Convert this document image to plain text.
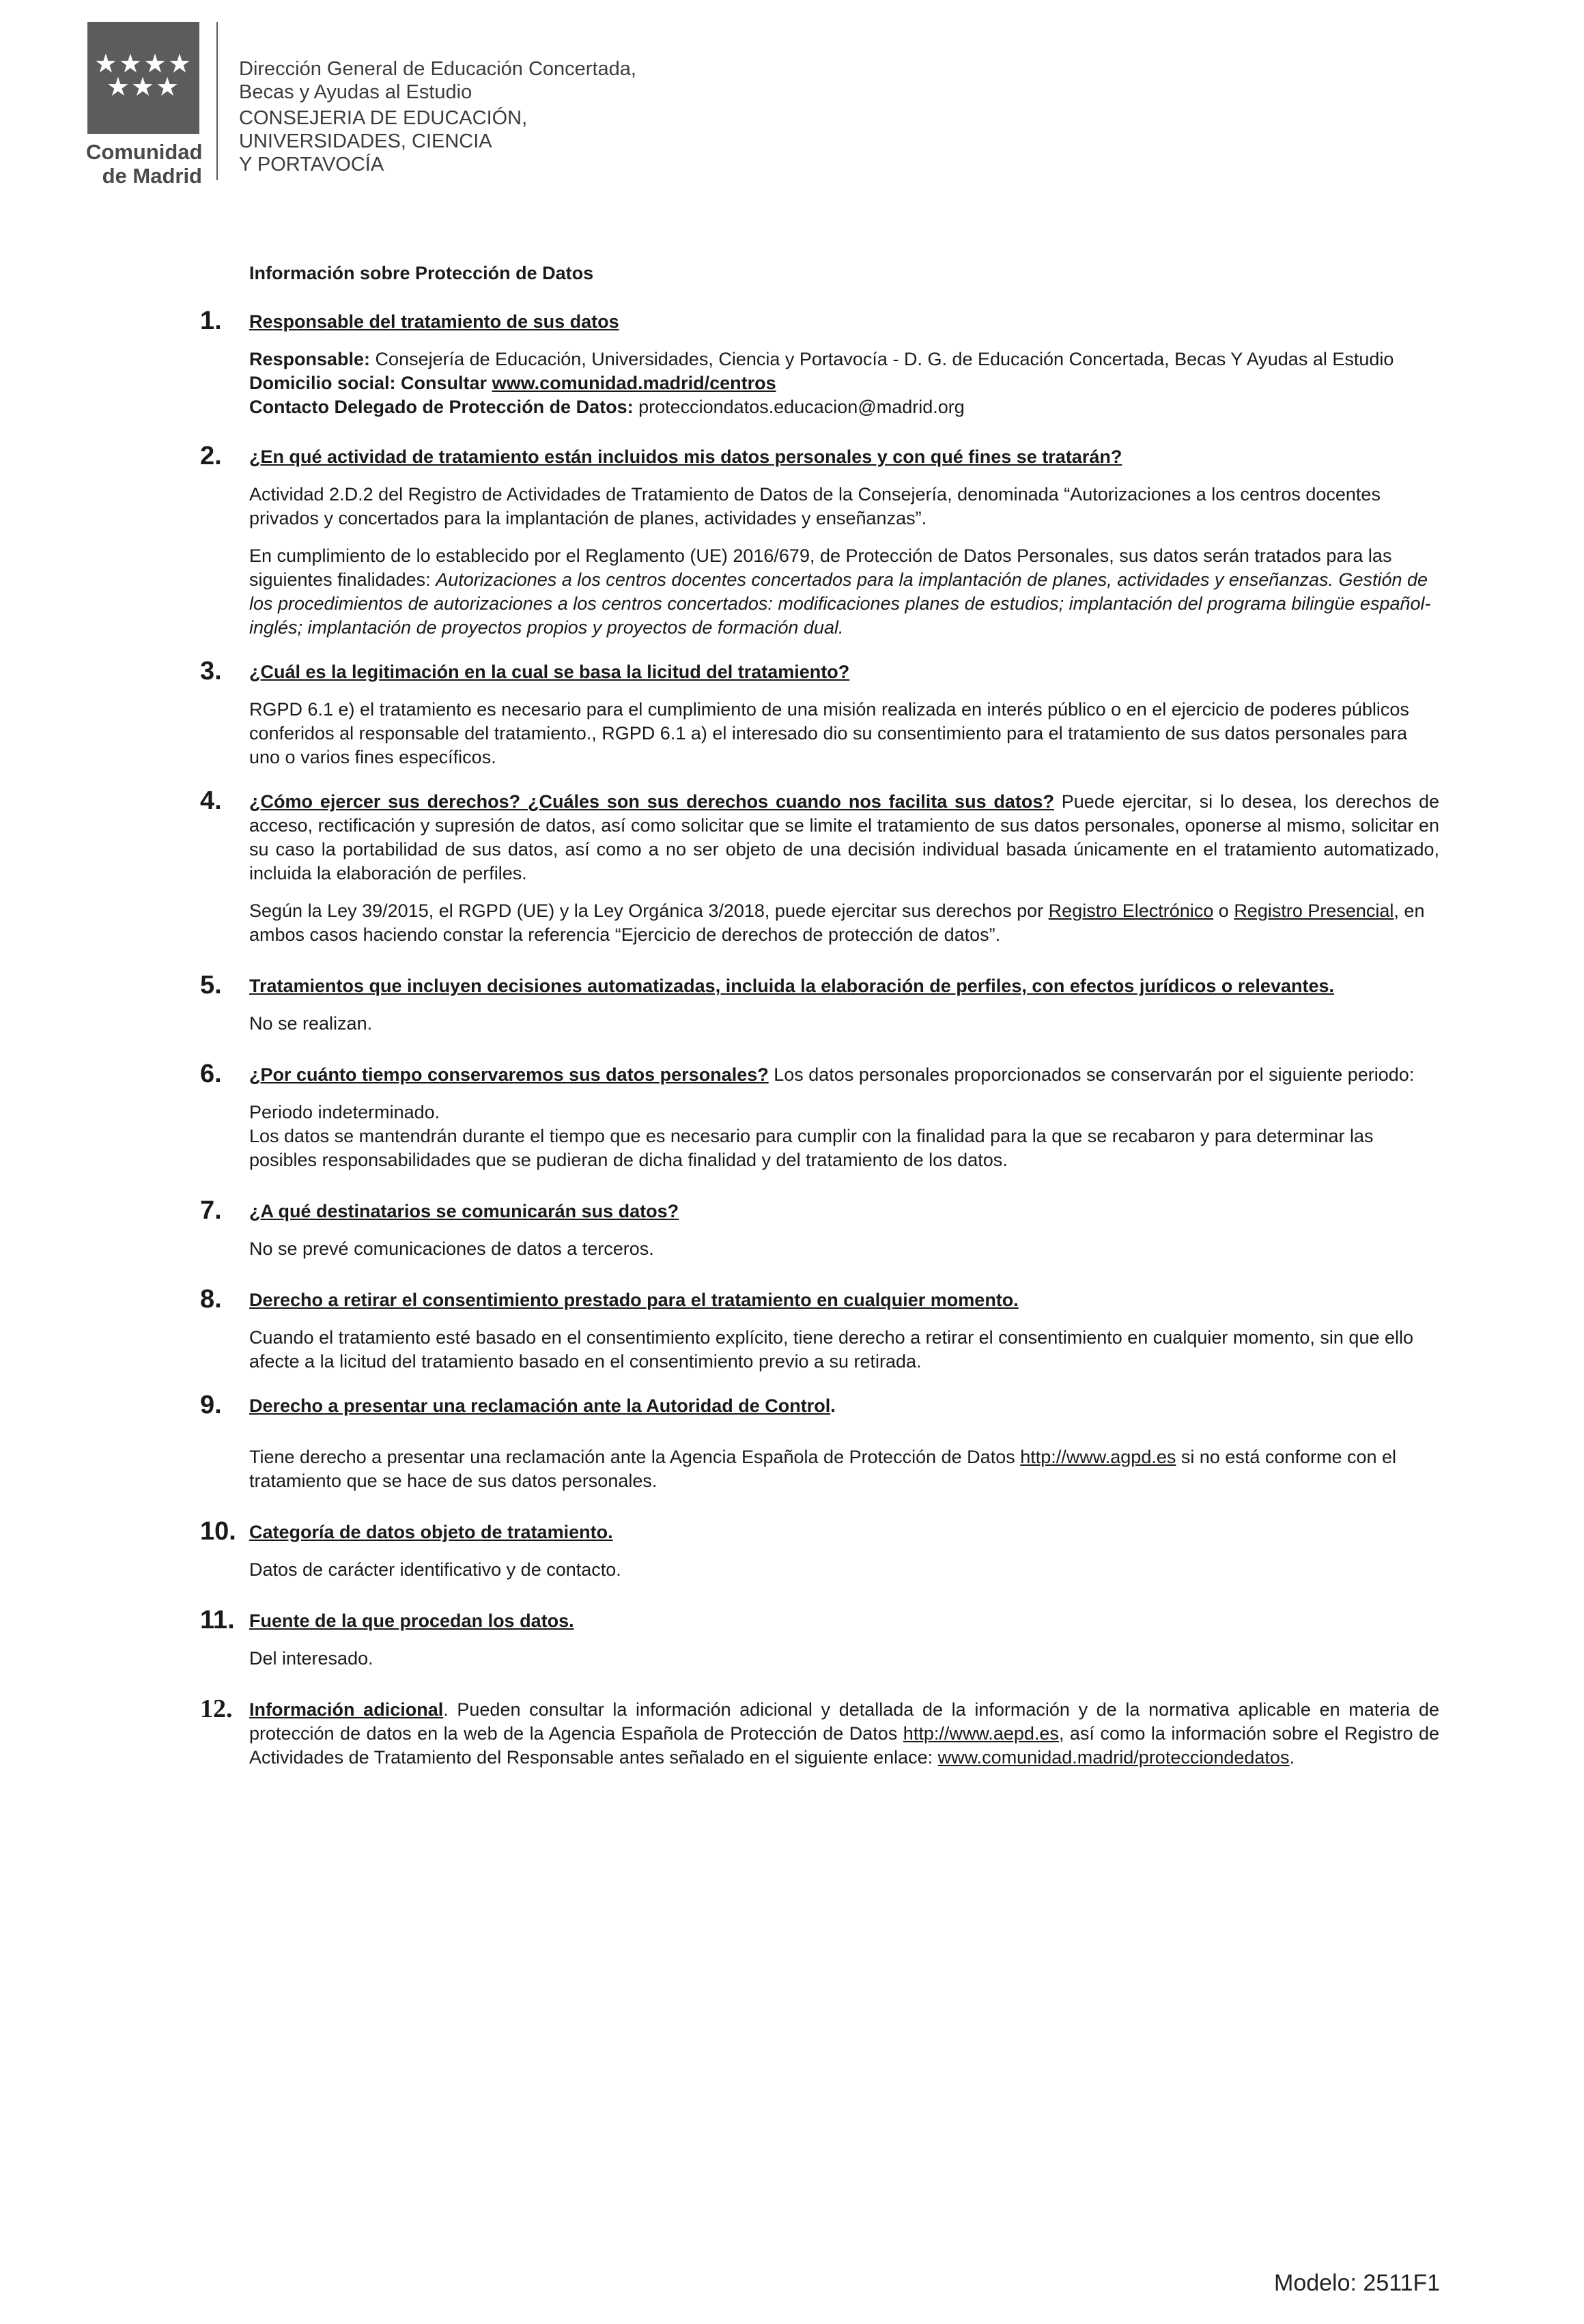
★★★★
★★★
Comunidad
de Madrid
Dirección General de Educación Concertada,
Becas y Ayudas al Estudio
CONSEJERIA DE EDUCACIÓN,
UNIVERSIDADES, CIENCIA
Y PORTAVOCÍA
Información sobre Protección de Datos
1. Responsable del tratamiento de sus datos

Responsable: Consejería de Educación, Universidades, Ciencia y Portavocía - D. G. de Educación Concertada, Becas Y Ayudas al Estudio
Domicilio social: Consultar www.comunidad.madrid/centros
Contacto Delegado de Protección de Datos: protecciondatos.educacion@madrid.org

2. ¿En qué actividad de tratamiento están incluidos mis datos personales y con qué fines se tratarán?

Actividad 2.D.2 del Registro de Actividades de Tratamiento de Datos de la Consejería, denominada “Autorizaciones a los centros docentes privados y concertados para la implantación de planes, actividades y enseñanzas”.

En cumplimiento de lo establecido por el Reglamento (UE) 2016/679, de Protección de Datos Personales, sus datos serán tratados para las siguientes finalidades: Autorizaciones a los centros docentes concertados para la implantación de planes, actividades y enseñanzas. Gestión de los procedimientos de autorizaciones a los centros concertados: modificaciones planes de estudios; implantación del programa bilingüe español-inglés; implantación de proyectos propios y proyectos de formación dual.

3. ¿Cuál es la legitimación en la cual se basa la licitud del tratamiento?

RGPD 6.1 e) el tratamiento es necesario para el cumplimiento de una misión realizada en interés público o en el ejercicio de poderes públicos conferidos al responsable del tratamiento., RGPD 6.1 a) el interesado dio su consentimiento para el tratamiento de sus datos personales para uno o varios fines específicos.

4. ¿Cómo ejercer sus derechos? ¿Cuáles son sus derechos cuando nos facilita sus datos? Puede ejercitar, si lo desea, los derechos de acceso, rectificación y supresión de datos, así como solicitar que se limite el tratamiento de sus datos personales, oponerse al mismo, solicitar en su caso la portabilidad de sus datos, así como a no ser objeto de una decisión individual basada únicamente en el tratamiento automatizado, incluida la elaboración de perfiles.

Según la Ley 39/2015, el RGPD (UE) y la Ley Orgánica 3/2018, puede ejercitar sus derechos por Registro Electrónico o Registro Presencial, en ambos casos haciendo constar la referencia “Ejercicio de derechos de protección de datos”.

5. Tratamientos que incluyen decisiones automatizadas, incluida la elaboración de perfiles, con efectos jurídicos o relevantes.

No se realizan.

6. ¿Por cuánto tiempo conservaremos sus datos personales? Los datos personales proporcionados se conservarán por el siguiente periodo:

Periodo indeterminado.
Los datos se mantendrán durante el tiempo que es necesario para cumplir con la finalidad para la que se recabaron y para determinar las posibles responsabilidades que se pudieran de dicha finalidad y del tratamiento de los datos.

7. ¿A qué destinatarios se comunicarán sus datos?

No se prevé comunicaciones de datos a terceros.

8. Derecho a retirar el consentimiento prestado para el tratamiento en cualquier momento.

Cuando el tratamiento esté basado en el consentimiento explícito, tiene derecho a retirar el consentimiento en cualquier momento, sin que ello afecte a la licitud del tratamiento basado en el consentimiento previo a su retirada.

9. Derecho a presentar una reclamación ante la Autoridad de Control.

Tiene derecho a presentar una reclamación ante la Agencia Española de Protección de Datos http://www.agpd.es si no está conforme con el tratamiento que se hace de sus datos personales.

10. Categoría de datos objeto de tratamiento.

Datos de carácter identificativo y de contacto.

11. Fuente de la que procedan los datos.

Del interesado.

12. Información adicional. Pueden consultar la información adicional y detallada de la información y de la normativa aplicable en materia de protección de datos en la web de la Agencia Española de Protección de Datos http://www.aepd.es, así como la información sobre el Registro de Actividades de Tratamiento del Responsable antes señalado en el siguiente enlace: www.comunidad.madrid/protecciondedatos.

Modelo: 2511F1
